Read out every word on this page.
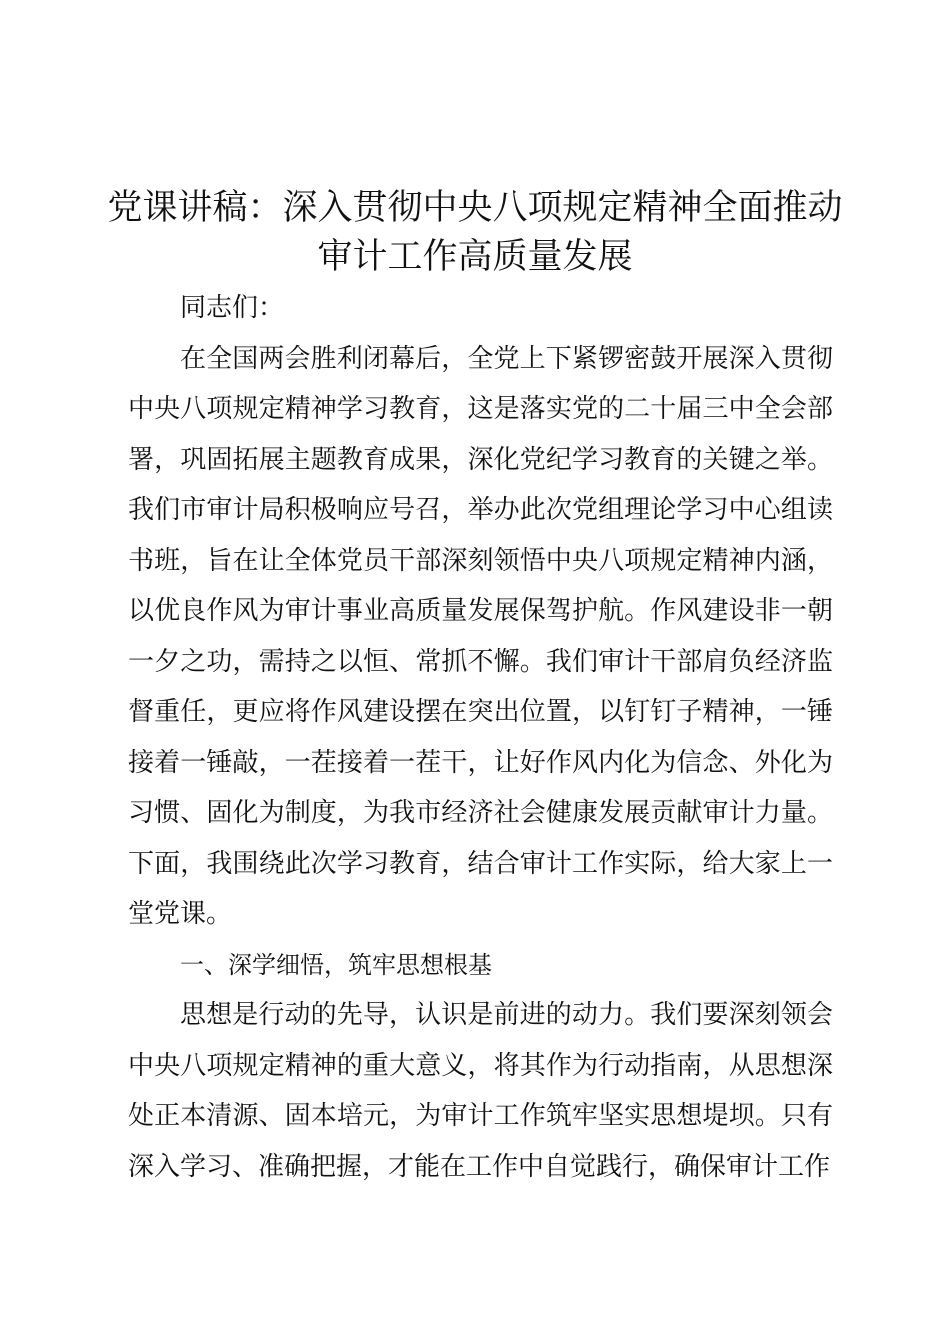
党课讲稿：深入贯彻中央八项规定精神全面推动审计工作高质量发展

同志们：

在全国两会胜利闭幕后，全党上下紧锣密鼓开展深入贯彻中央八项规定精神学习教育，这是落实党的二十届三中全会部署，巩固拓展主题教育成果，深化党纪学习教育的关键之举。我们市审计局积极响应号召，举办此次党组理论学习中心组读书班，旨在让全体党员干部深刻领悟中央八项规定精神内涵，以优良作风为审计事业高质量发展保驾护航。作风建设非一朝一夕之功，需持之以恒、常抓不懈。我们审计干部肩负经济监督重任，更应将作风建设摆在突出位置，以钉钉子精神，一锤接着一锤敲，一茬接着一茬干，让好作风内化为信念、外化为习惯、固化为制度，为我市经济社会健康发展贡献审计力量。下面，我围绕此次学习教育，结合审计工作实际，给大家上一堂党课。

一、深学细悟，筑牢思想根基

思想是行动的先导，认识是前进的动力。我们要深刻领会中央八项规定精神的重大意义，将其作为行动指南，从思想深处正本清源、固本培元，为审计工作筑牢坚实思想堤坝。只有深入学习、准确把握，才能在工作中自觉践行，确保审计工作
